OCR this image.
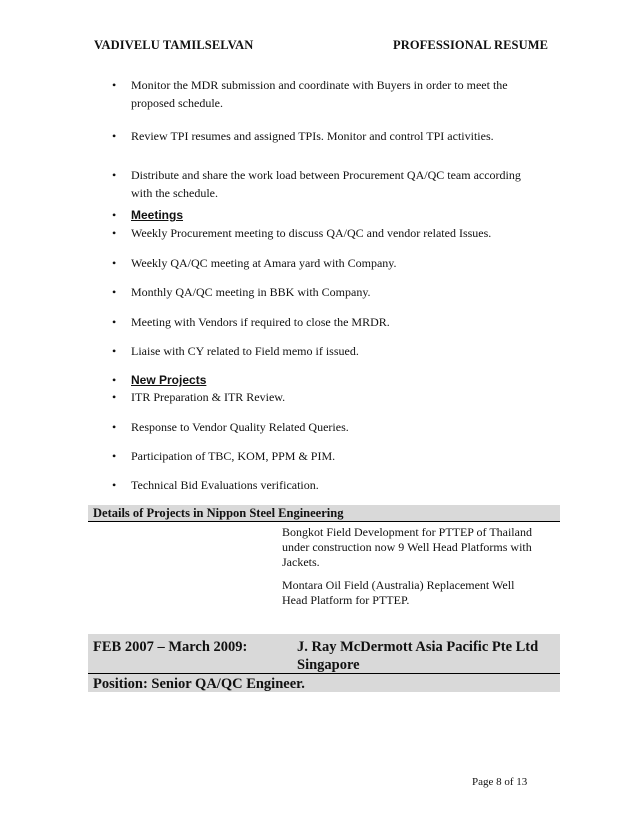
VADIVELU TAMILSELVAN	PROFESSIONAL RESUME
• Monitor the MDR submission and coordinate with Buyers in order to meet the proposed schedule.
• Review TPI resumes and assigned TPIs. Monitor and control TPI activities.
• Distribute and share the work load between Procurement QA/QC team according with the schedule.
• Meetings
• Weekly Procurement meeting to discuss QA/QC and vendor related Issues.
• Weekly QA/QC meeting at Amara yard with Company.
• Monthly QA/QC meeting in BBK with Company.
• Meeting with Vendors if required to close the MRDR.
• Liaise with CY related to Field memo if issued.
• New Projects
• ITR Preparation & ITR Review.
• Response to Vendor Quality Related Queries.
• Participation of TBC, KOM, PPM & PIM.
• Technical Bid Evaluations verification.
Details of Projects in Nippon Steel Engineering
Bongkot Field Development for PTTEP of Thailand under construction now 9 Well Head Platforms with Jackets.
Montara Oil Field (Australia) Replacement Well Head Platform for PTTEP.
FEB 2007 – March 2009:	J. Ray McDermott Asia Pacific Pte Ltd Singapore
Position: Senior QA/QC Engineer.
Page 8 of 13
